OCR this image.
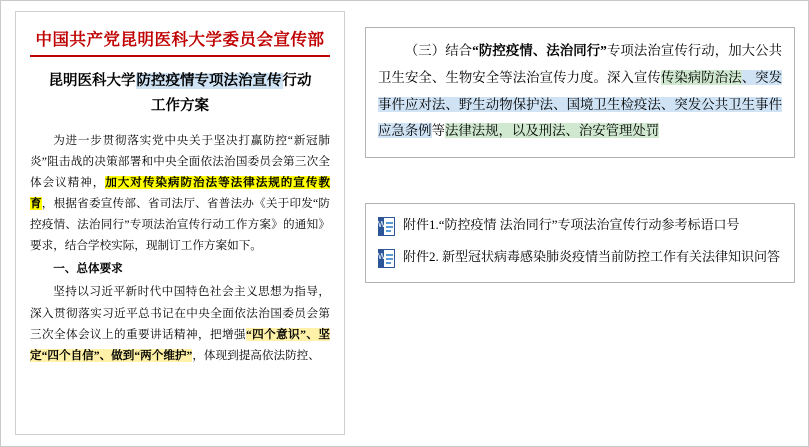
中国共产党昆明医科大学委员会宣传部
昆明医科大学防控疫情专项法治宣传行动
工作方案

为进一步贯彻落实党中央关于坚决打赢防控“新冠肺炎”阻击战的决策部署和中央全面依法治国委员会第三次全体会议精神，加大对传染病防治法等法律法规的宣传教育，根据省委宣传部、省司法厅、省普法办《关于印发“防控疫情、法治同行”专项法治宣传行动工作方案》的通知》要求，结合学校实际，现制订工作方案如下。

一、总体要求

坚持以习近平新时代中国特色社会主义思想为指导，深入贯彻落实习近平总书记在中央全面依法治国委员会第三次全体会议上的重要讲话精神，把增强“四个意识”、坚定“四个自信”、做到“两个维护”，体现到提高依法防控、

（三）结合“防控疫情、法治同行”专项法治宣传行动，加大公共卫生安全、生物安全等法治宣传力度。深入宣传传染病防治法、突发事件应对法、野生动物保护法、国境卫生检疫法、突发公共卫生事件应急条例等法律法规，以及刑法、治安管理处罚

W 附件1.“防控疫情 法治同行”专项法治宣传行动参考标语口号
W 附件2. 新型冠状病毒感染肺炎疫情当前防控工作有关法律知识问答
